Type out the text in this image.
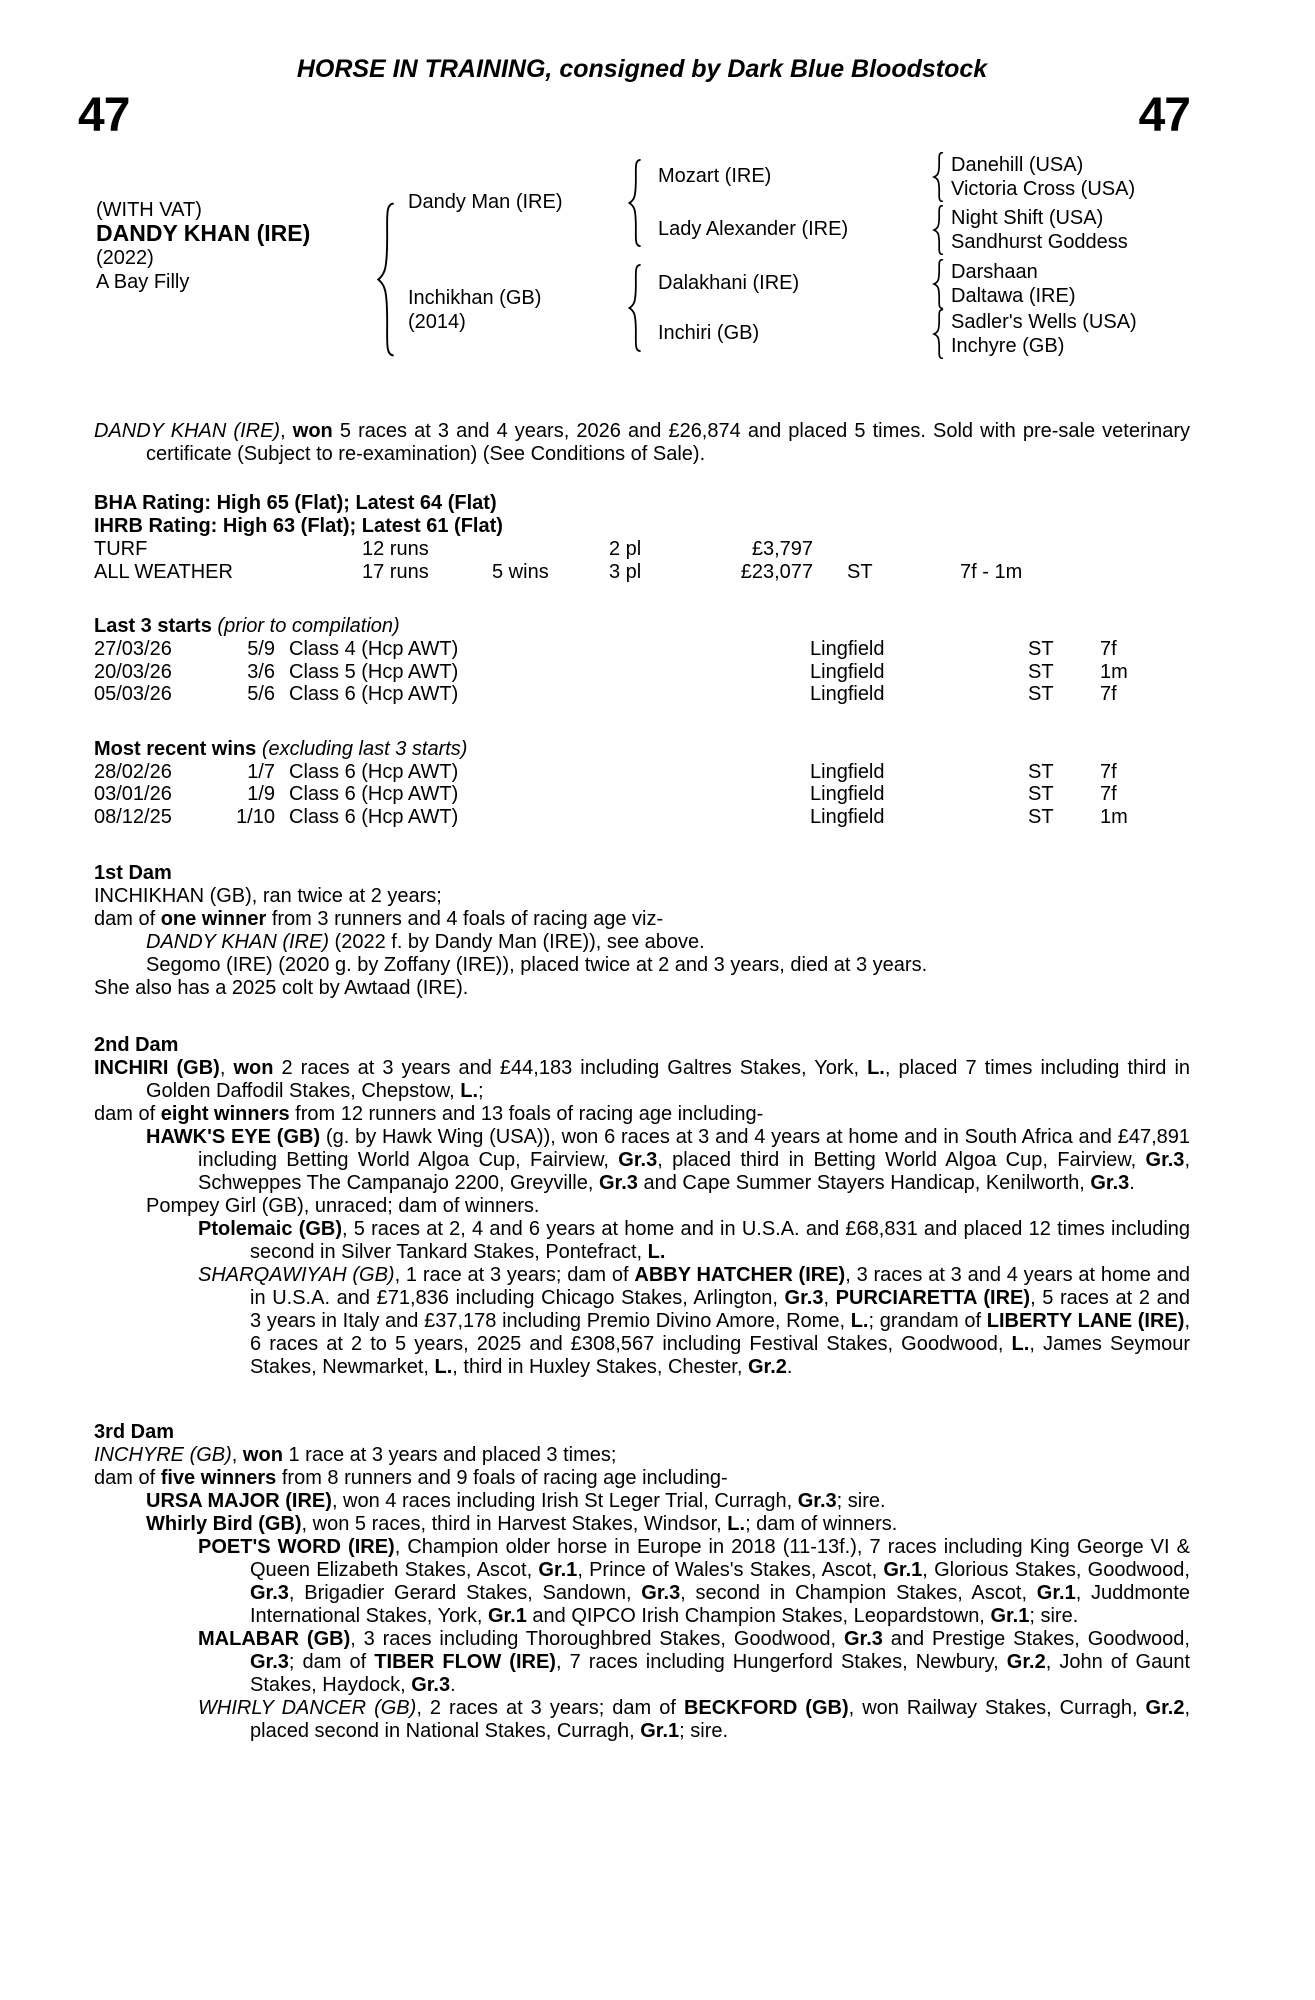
HORSE IN TRAINING, consigned by Dark Blue Bloodstock
47	47
(WITH VAT)
DANDY KHAN (IRE)
(2022)
A Bay Filly
Dandy Man (IRE)
Inchikhan (GB)
(2014)
Mozart (IRE)
Lady Alexander (IRE)
Dalakhani (IRE)
Inchiri (GB)
Danehill (USA)
Victoria Cross (USA)
Night Shift (USA)
Sandhurst Goddess
Darshaan
Daltawa (IRE)
Sadler's Wells (USA)
Inchyre (GB)
DANDY KHAN (IRE), won 5 races at 3 and 4 years, 2026 and £26,874 and placed 5 times. Sold with pre-sale veterinary certificate (Subject to re-examination) (See Conditions of Sale).
BHA Rating: High 65 (Flat); Latest 64 (Flat)
IHRB Rating: High 63 (Flat); Latest 61 (Flat)
TURF	12 runs	2 pl	£3,797
ALL WEATHER	17 runs	5 wins	3 pl	£23,077	ST	7f - 1m
Last 3 starts (prior to compilation)
27/03/26	5/9 Class 4 (Hcp AWT)	Lingfield	ST	7f
20/03/26	3/6 Class 5 (Hcp AWT)	Lingfield	ST	1m
05/03/26	5/6 Class 6 (Hcp AWT)	Lingfield	ST	7f
Most recent wins (excluding last 3 starts)
28/02/26	1/7 Class 6 (Hcp AWT)	Lingfield	ST	7f
03/01/26	1/9 Class 6 (Hcp AWT)	Lingfield	ST	7f
08/12/25	1/10 Class 6 (Hcp AWT)	Lingfield	ST	1m
1st Dam
INCHIKHAN (GB), ran twice at 2 years;
dam of one winner from 3 runners and 4 foals of racing age viz-
DANDY KHAN (IRE) (2022 f. by Dandy Man (IRE)), see above.
Segomo (IRE) (2020 g. by Zoffany (IRE)), placed twice at 2 and 3 years, died at 3 years.
She also has a 2025 colt by Awtaad (IRE).
2nd Dam
INCHIRI (GB), won 2 races at 3 years and £44,183 including Galtres Stakes, York, L., placed 7 times including third in Golden Daffodil Stakes, Chepstow, L.;
dam of eight winners from 12 runners and 13 foals of racing age including-
HAWK'S EYE (GB) (g. by Hawk Wing (USA)), won 6 races at 3 and 4 years at home and in South Africa and £47,891 including Betting World Algoa Cup, Fairview, Gr.3, placed third in Betting World Algoa Cup, Fairview, Gr.3, Schweppes The Campanajo 2200, Greyville, Gr.3 and Cape Summer Stayers Handicap, Kenilworth, Gr.3.
Pompey Girl (GB), unraced; dam of winners.
Ptolemaic (GB), 5 races at 2, 4 and 6 years at home and in U.S.A. and £68,831 and placed 12 times including second in Silver Tankard Stakes, Pontefract, L.
SHARQAWIYAH (GB), 1 race at 3 years; dam of ABBY HATCHER (IRE), 3 races at 3 and 4 years at home and in U.S.A. and £71,836 including Chicago Stakes, Arlington, Gr.3, PURCIARETTA (IRE), 5 races at 2 and 3 years in Italy and £37,178 including Premio Divino Amore, Rome, L.; grandam of LIBERTY LANE (IRE), 6 races at 2 to 5 years, 2025 and £308,567 including Festival Stakes, Goodwood, L., James Seymour Stakes, Newmarket, L., third in Huxley Stakes, Chester, Gr.2.
3rd Dam
INCHYRE (GB), won 1 race at 3 years and placed 3 times;
dam of five winners from 8 runners and 9 foals of racing age including-
URSA MAJOR (IRE), won 4 races including Irish St Leger Trial, Curragh, Gr.3; sire.
Whirly Bird (GB), won 5 races, third in Harvest Stakes, Windsor, L.; dam of winners.
POET'S WORD (IRE), Champion older horse in Europe in 2018 (11-13f.), 7 races including King George VI & Queen Elizabeth Stakes, Ascot, Gr.1, Prince of Wales's Stakes, Ascot, Gr.1, Glorious Stakes, Goodwood, Gr.3, Brigadier Gerard Stakes, Sandown, Gr.3, second in Champion Stakes, Ascot, Gr.1, Juddmonte International Stakes, York, Gr.1 and QIPCO Irish Champion Stakes, Leopardstown, Gr.1; sire.
MALABAR (GB), 3 races including Thoroughbred Stakes, Goodwood, Gr.3 and Prestige Stakes, Goodwood, Gr.3; dam of TIBER FLOW (IRE), 7 races including Hungerford Stakes, Newbury, Gr.2, John of Gaunt Stakes, Haydock, Gr.3.
WHIRLY DANCER (GB), 2 races at 3 years; dam of BECKFORD (GB), won Railway Stakes, Curragh, Gr.2, placed second in National Stakes, Curragh, Gr.1; sire.
